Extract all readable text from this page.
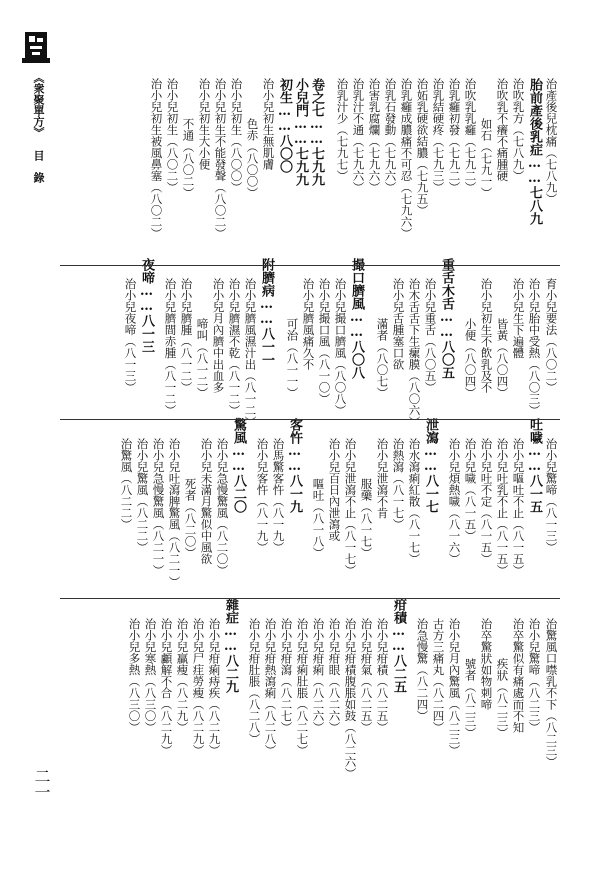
《衆聚單方》
目　錄	治產後兒枕痛（七八九）
胎前產後乳症……七八九
治吹乳方（七八九）
治吹乳不癢不痛腫硬
如石（七九一）
治吹乳乳癰（七九二）
治乳癰初發（七九二）
治乳結硬疼（七九三）
治妬乳硬欲結膿（七九五）
治乳癰成膿痛不可忍（七九六）
治乳石發動（七九六）
治害乳腐爛（七九六）
治乳汁不通（七九六）
治乳汁少（七九七）
卷之七……七九九
小兒門……七九九
初生……八〇〇
治小兒初生無肌膚
色赤（八〇〇）
治小兒初生（八〇〇）
治小兒初生不能發聲（八〇二）
治小兒初生大小便
不通（八〇二）
治小兒初生（八〇二）
治小兒初生被風鼻塞（八〇二）
育小兒要法（八〇二）
治小兒胎中受熱（八〇三）
治小兒生下遍體
皆黃（八〇四）
治小兒初生不飲乳及不
小便（八〇四）
重舌木舌……八〇五
治小兒重舌（八〇五）
治木舌舌下生瘰膜（八〇六）
治小兒舌腫塞口欲
滿者（八〇七）
撮口臍風……八〇八
治小兒撮口臍風（八〇八）
治小兒撮口風（八一〇）
治小兒臍風痛久不
可治（八一一）
附臍病……八一一
治小兒臍風濕汁出（八一二）
治小兒臍濕不乾（八一二）
治小兒月內臍中出血多
啼叫（八一二）
治小兒臍腫（八一二）
治小兒臍間赤腫（八一二）
夜啼……八一三
治小兒夜啼（八一三）
治小兒驚啼（八一三）
吐噦……八一五
治小兒嘔吐不止（八一五）
治小兒吐乳不止（八一五）
治小兒吐不定（八一五）
治小兒噦（八一五）
治小兒煩熱噦（八一六）
泄瀉……八一七
治水瀉痢紅散（八一七）
治熱瀉（八一七）
治小兒泄瀉不肯
服藥（八一七）
治小兒泄瀉不止（八一七）
治小兒百日內泄瀉或
嘔吐（八一八）
客忤……八一九
治馬驚客忤（八一九）
治小兒客忤（八一九）
驚風……八二〇
治小兒急慢驚風（八二〇）
治小兒未滿月驚似中風欲
死者（八二〇）
治小兒吐瀉脾驚風（八二一）
治小兒急慢驚風（八二一）
治小兒驚風（八二二）
治驚風（八二二）
治驚風口噤乳不下（八二三）
治小兒驚啼（八二三）
治卒驚似有痛處而不知
疾狀（八二三）
治卒驚狀如物刺啼
號者（八二三）
治小兒月內驚風（八二三）
古方三痛丸（八二四）
治急慢驚（八二四）
疳積……八二五
治小兒疳積（八二五）
治小兒疳氣（八二五）
治小兒疳積腹脹如鼓（八二六）
治小兒疳眼（八二六）
治小兒疳痢（八二六）
治小兒疳痢肚脹（八二七）
治小兒疳瀉（八二七）
治小兒疳熱瀉痢（八二八）
治小兒疳肚脹（八二八）
雜症……八二九
治小兒疳痢痔疾（八二九）
治小兒尸疰勞瘦（八二九）
治小兒贏瘦（八二九）
治小兒顱解不合（八二九）
治小兒寒熱（八三〇）
治小兒多熱（八三〇）
二一
